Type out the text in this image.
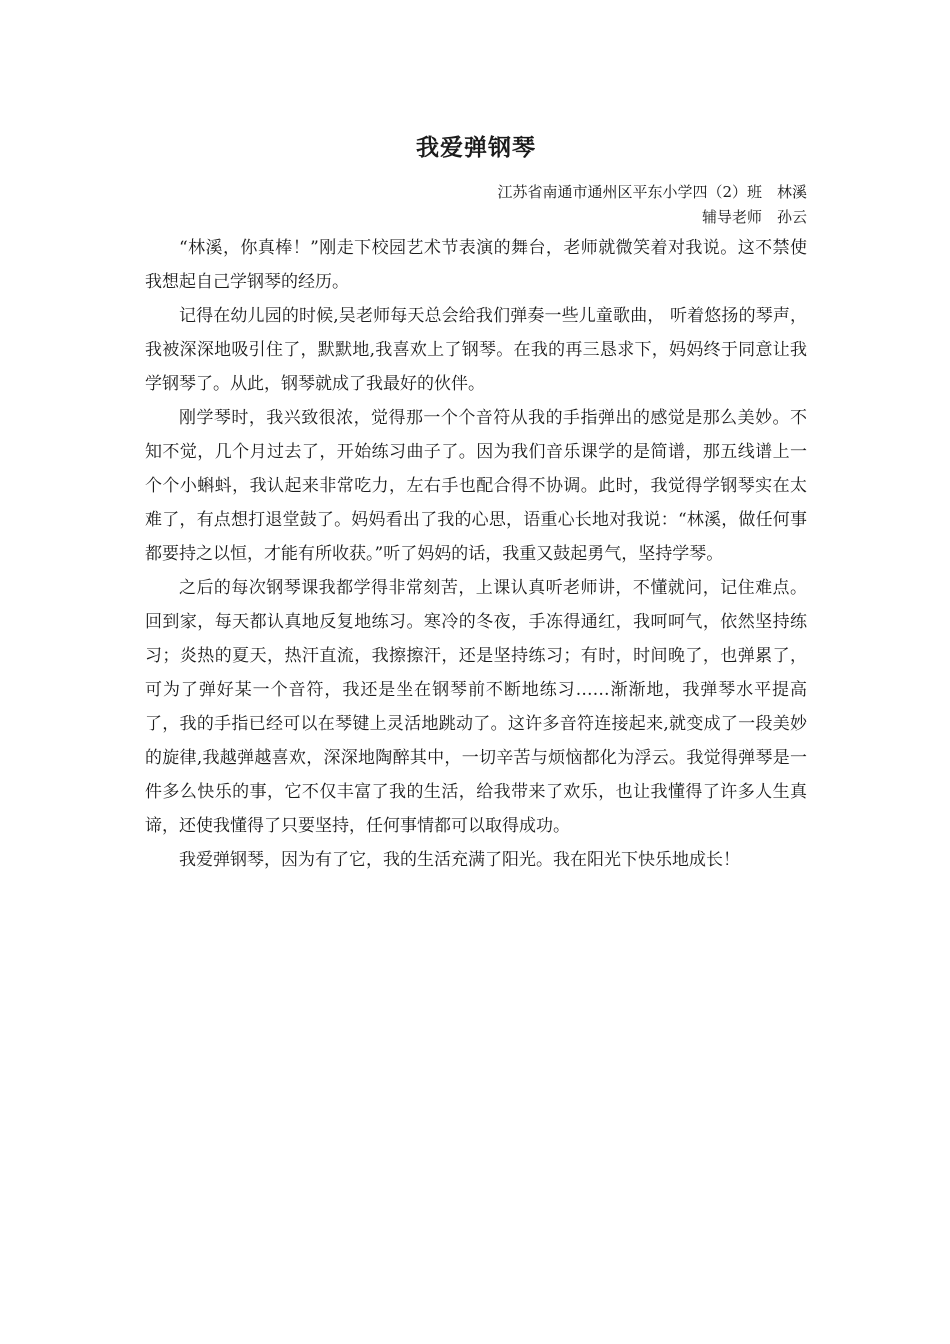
我爱弹钢琴

江苏省南通市通州区平东小学四（2）班　林溪

辅导老师　孙云

“林溪，你真棒！”刚走下校园艺术节表演的舞台，老师就微笑着对我说。这不禁使我想起自己学钢琴的经历。

记得在幼儿园的时候,吴老师每天总会给我们弹奏一些儿童歌曲， 听着悠扬的琴声，我被深深地吸引住了，默默地,我喜欢上了钢琴。在我的再三恳求下，妈妈终于同意让我学钢琴了。从此，钢琴就成了我最好的伙伴。

刚学琴时，我兴致很浓，觉得那一个个音符从我的手指弹出的感觉是那么美妙。不知不觉，几个月过去了，开始练习曲子了。因为我们音乐课学的是简谱，那五线谱上一个个小蝌蚪，我认起来非常吃力，左右手也配合得不协调。此时，我觉得学钢琴实在太难了，有点想打退堂鼓了。妈妈看出了我的心思，语重心长地对我说：“林溪，做任何事都要持之以恒，才能有所收获。”听了妈妈的话，我重又鼓起勇气，坚持学琴。

之后的每次钢琴课我都学得非常刻苦，上课认真听老师讲，不懂就问，记住难点。回到家，每天都认真地反复地练习。寒冷的冬夜，手冻得通红，我呵呵气，依然坚持练习；炎热的夏天，热汗直流，我擦擦汗，还是坚持练习；有时，时间晚了，也弹累了，可为了弹好某一个音符，我还是坐在钢琴前不断地练习……渐渐地，我弹琴水平提高了，我的手指已经可以在琴键上灵活地跳动了。这许多音符连接起来,就变成了一段美妙的旋律,我越弹越喜欢，深深地陶醉其中，一切辛苦与烦恼都化为浮云。我觉得弹琴是一件多么快乐的事，它不仅丰富了我的生活，给我带来了欢乐，也让我懂得了许多人生真谛，还使我懂得了只要坚持，任何事情都可以取得成功。

我爱弹钢琴，因为有了它，我的生活充满了阳光。我在阳光下快乐地成长！
